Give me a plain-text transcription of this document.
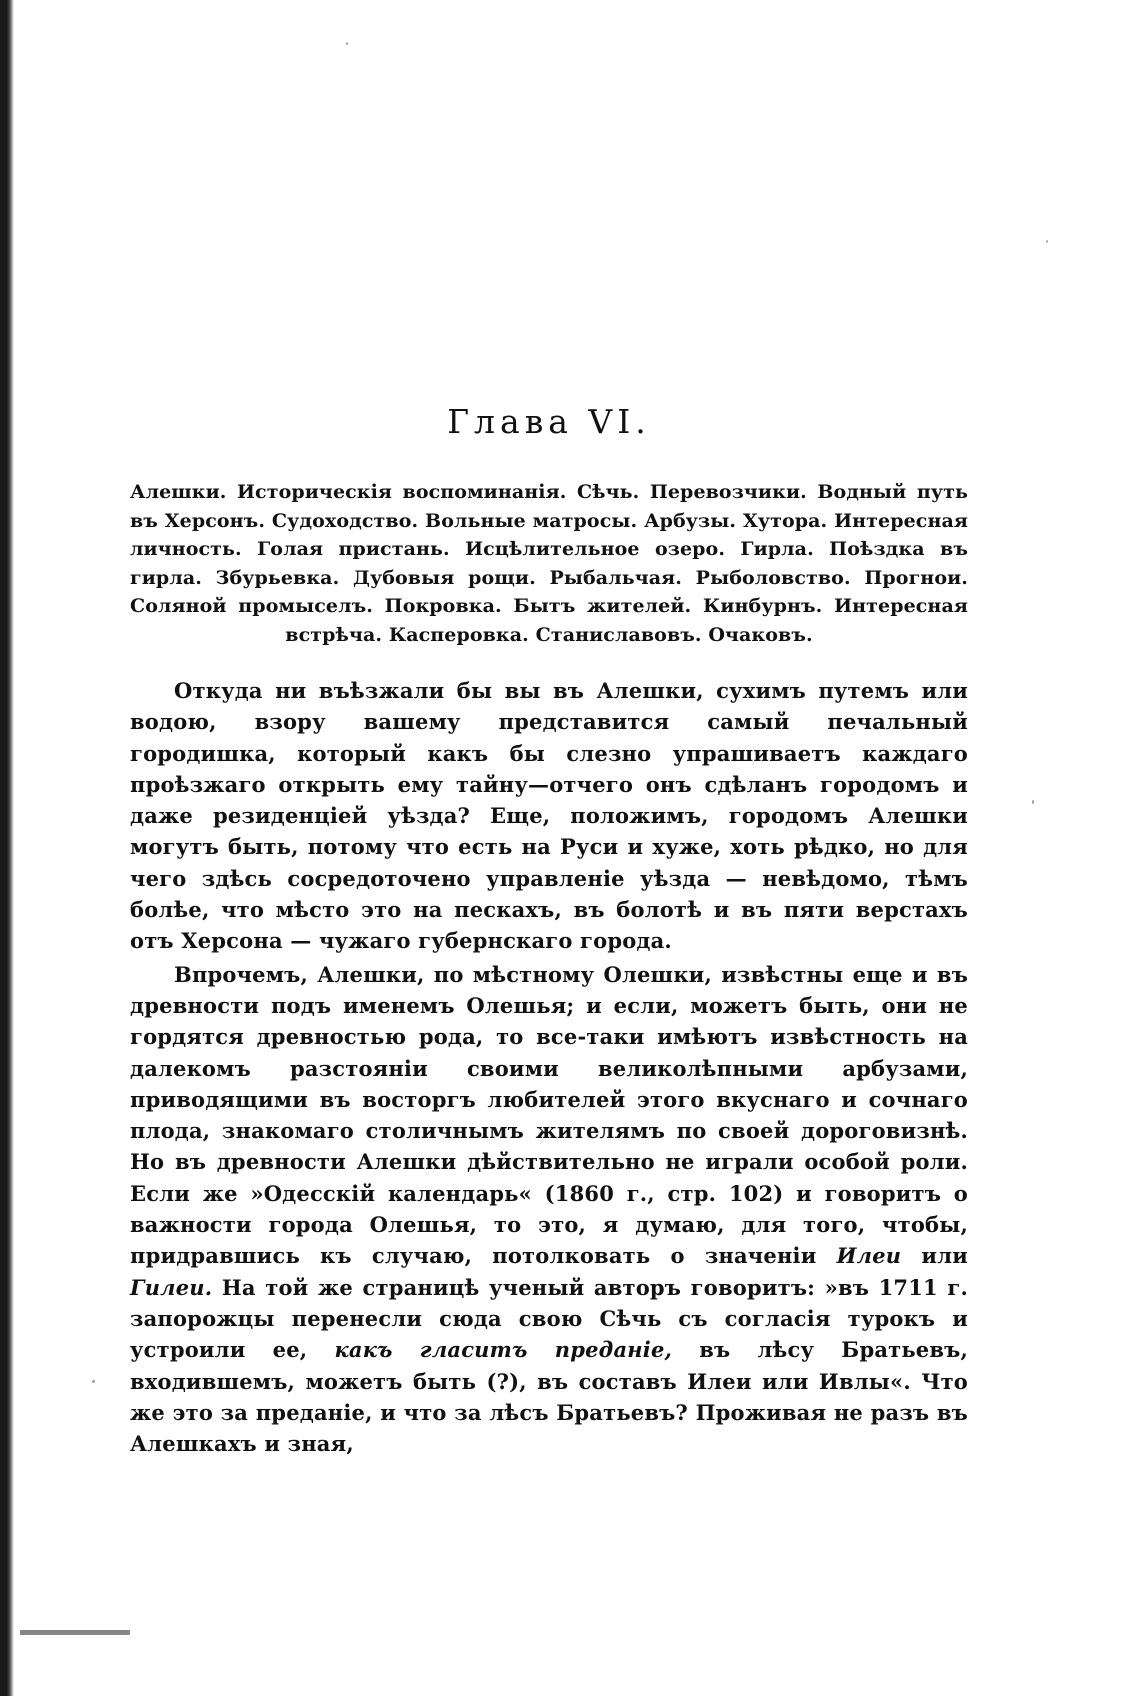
Глава VI.
Алешки. Историческія воспоминанія. Сѣчь. Перевозчики. Водный путь въ Херсонъ. Судоходство. Вольные матросы. Арбузы. Хутора. Интересная личность. Голая пристань. Исцѣлительное озеро. Гирла. Поѣздка въ гирла. Збурьевка. Дубовыя рощи. Рыбальчая. Рыболовство. Прогнои. Соляной промыселъ. Покровка. Бытъ жителей. Кинбурнъ. Интересная встрѣча. Касперовка. Станиславовъ. Очаковъ.

Откуда ни въѣзжали бы вы въ Алешки, сухимъ путемъ или водою, взору вашему представится самый печальный городишка, который какъ бы слезно упрашиваетъ каждаго проѣзжаго открыть ему тайну—отчего онъ сдѣланъ городомъ и даже резиденціей уѣзда? Еще, положимъ, городомъ Алешки могутъ быть, потому что есть на Руси и хуже, хоть рѣдко, но для чего здѣсь сосредоточено управленіе уѣзда — невѣдомо, тѣмъ болѣе, что мѣсто это на пескахъ, въ болотѣ и въ пяти верстахъ отъ Херсона — чужаго губернскаго города.

Впрочемъ, Алешки, по мѣстному Олешки, извѣстны еще и въ древности подъ именемъ Олешья; и если, можетъ быть, они не гордятся древностью рода, то все-таки имѣютъ извѣстность на далекомъ разстояніи своими великолѣпными арбузами, приводящими въ восторгъ любителей этого вкуснаго и сочнаго плода, знакомаго столичнымъ жителямъ по своей дороговизнѣ. Но въ древности Алешки дѣйствительно не играли особой роли. Если же »Одесскій календарь« (1860 г., стр. 102) и говоритъ о важности города Олешья, то это, я думаю, для того, чтобы, придравшись къ случаю, потолковать о значеніи Илеи или Гилеи. На той же страницѣ ученый авторъ говоритъ: »въ 1711 г. запорожцы перенесли сюда свою Сѣчь съ согласія турокъ и устроили ее, какъ гласитъ преданіе, въ лѣсу Братьевъ, входившемъ, можетъ быть (?), въ составъ Илеи или Ивлы«. Что же это за преданіе, и что за лѣсъ Братьевъ? Проживая не разъ въ Алешкахъ и зная,
